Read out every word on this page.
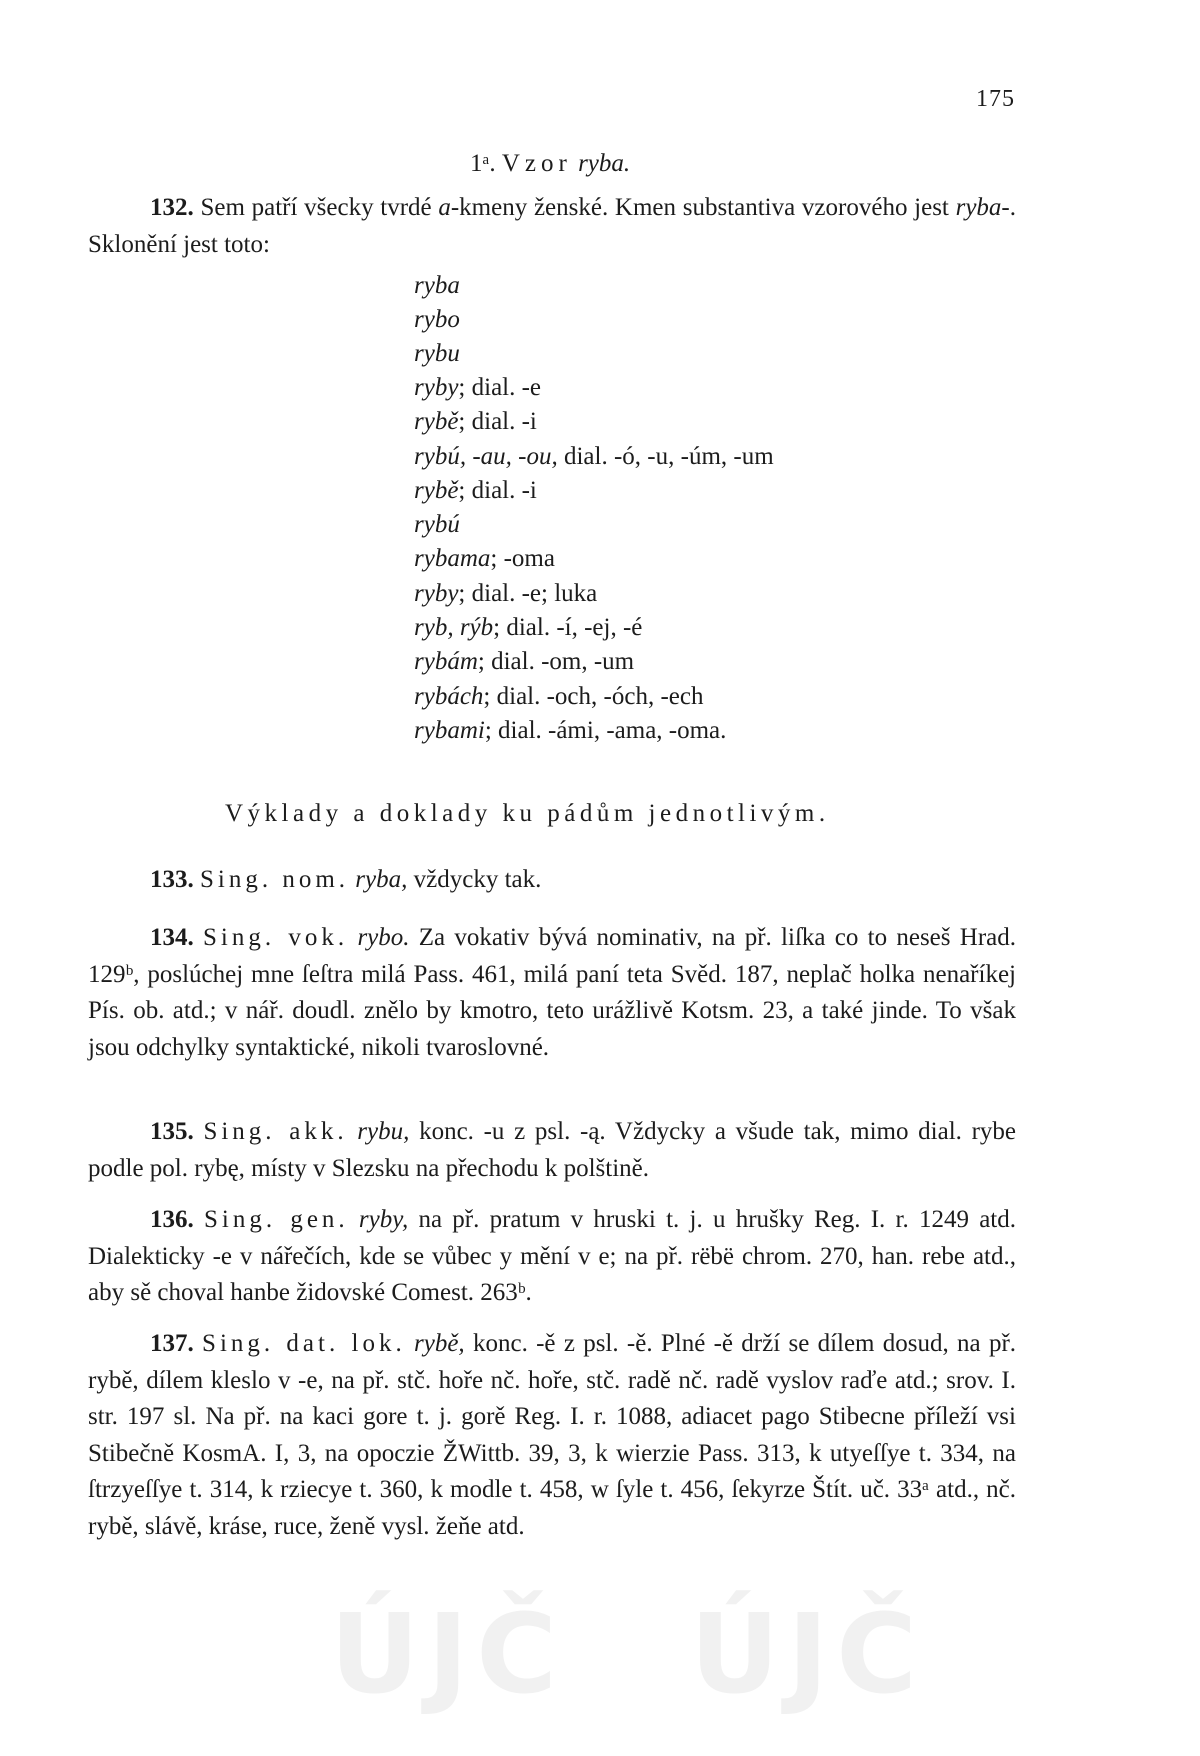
175
1ᵃ. Vzor ryba.
132. Sem patří všecky tvrdé a-kmeny ženské. Kmen substantiva vzorového jest ryba-. Sklonění jest toto:
ryba
rybo
rybu
ryby; dial. -e
rybě; dial. -i
rybú, -au, -ou, dial. -ó, -u, -úm, -um
rybě; dial. -i
rybú
rybama; -oma
ryby; dial. -e; luka
ryb, rýb; dial. -í, -ej, -é
rybám; dial. -om, -um
rybách; dial. -och, -óch, -ech
rybami; dial. -ámi, -ama, -oma.
Výklady a doklady ku pádům jednotlivým.
133. Sing. nom. ryba, vždycky tak.
134. Sing. vok. rybo. Za vokativ bývá nominativ, na př. liſka co to neseš Hrad. 129ᵇ, poslúchej mne ſeſtra milá Pass. 461, milá paní teta Svěd. 187, neplač holka nenaříkej Pís. ob. atd.; v nář. doudl. znělo by kmotro, teto urážlivě Kotsm. 23, a také jinde. To však jsou odchylky syntaktické, nikoli tvaroslovné.
135. Sing. akk. rybu, konc. -u z psl. -ą. Vždycky a všude tak, mimo dial. rybe podle pol. rybę, místy v Slezsku na přechodu k polštině.
136. Sing. gen. ryby, na př. pratum v hruski t. j. u hrušky Reg. I. r. 1249 atd. Dialekticky -e v nářečích, kde se vůbec y mění v e; na př. rëbë chrom. 270, han. rebe atd., aby sě choval hanbe židovské Comest. 263ᵇ.
137. Sing. dat. lok. rybě, konc. -ě z psl. -ě. Plné -ě drží se dílem dosud, na př. rybě, dílem kleslo v -e, na př. stč. hoře nč. hoře, stč. radě nč. radě vyslov raďe atd.; srov. I. str. 197 sl. Na př. na kaci gore t. j. gorě Reg. I. r. 1088, adiacet pago Stibecne příleží vsi Stibečně KosmA. I, 3, na opoczie ŽWittb. 39, 3, k wierzie Pass. 313, k utyeſſye t. 334, na ſtrzyeſſye t. 314, k rziecye t. 360, k modle t. 458, w ſyle t. 456, ſekyrze Štít. uč. 33ᵃ atd., nč. rybě, slávě, kráse, ruce, ženě vysl. žeňe atd.
ÚJČ ÚJČ
